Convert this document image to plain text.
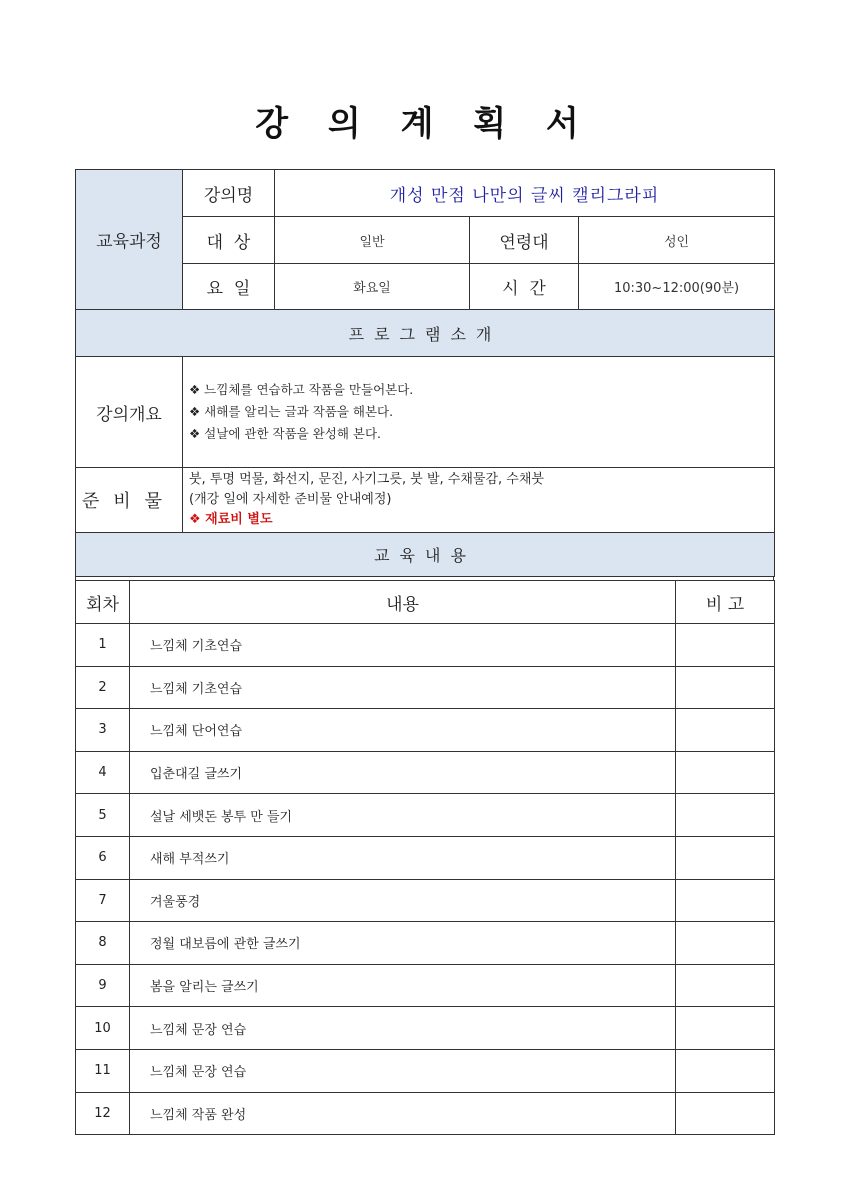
강 의 계 획 서
교육과정	강의명	개성 만점 나만의 글씨 캘리그라피		
	대  상	일반	연령대	성인
	요  일	화요일	시  간	10:30~12:00(90분)
프로그램소개				
강의개요	❖ 느낌체를 연습하고 작품을 만들어본다.
❖ 새해를 알리는 글과 작품을 해본다.
❖ 설날에 관한 작품을 완성해 본다.			

준비물	붓, 투명 먹물, 화선지, 문진, 사기그릇, 붓 발, 수채물감, 수채붓
(개강 일에 자세한 준비물 안내예정)
❖ 재료비 별도			

교육내용				
회차	내용	비 고
1	느낌체 기초연습	
2	느낌체 기초연습	
3	느낌체 단어연습	
4	입춘대길 글쓰기	
5	설날 세뱃돈 봉투 만 들기	
6	새해 부적쓰기	
7	겨울풍경	
8	정월 대보름에 관한 글쓰기	
9	봄을 알리는 글쓰기	
10	느낌체 문장 연습	
11	느낌체 문장 연습	
12	느낌체 작품 완성	
